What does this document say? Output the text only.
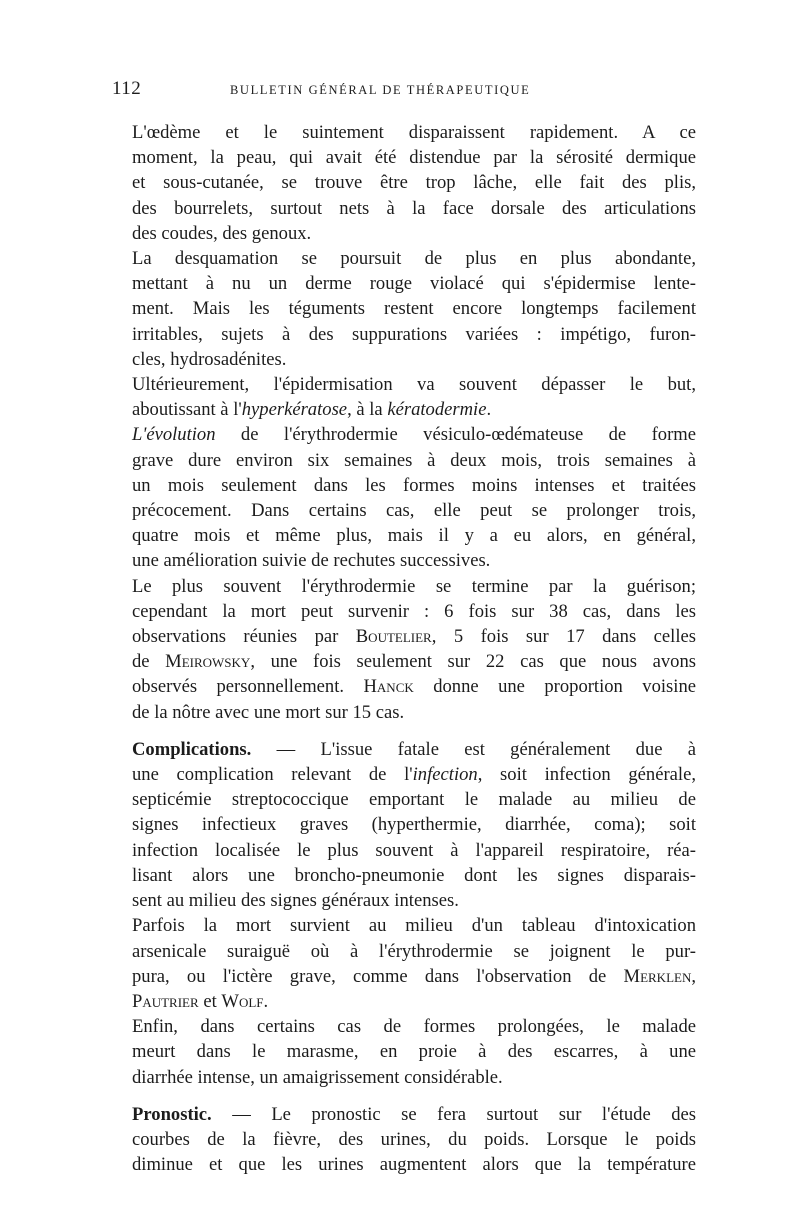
112	BULLETIN GÉNÉRAL DE THÉRAPEUTIQUE
L'œdème et le suintement disparaissent rapidement. A ce
moment, la peau, qui avait été distendue par la sérosité dermique
et sous-cutanée, se trouve être trop lâche, elle fait des plis,
des bourrelets, surtout nets à la face dorsale des articulations
des coudes, des genoux.
La desquamation se poursuit de plus en plus abondante,
mettant à nu un derme rouge violacé qui s'épidermise lente-
ment. Mais les téguments restent encore longtemps facilement
irritables, sujets à des suppurations variées : impétigo, furon-
cles, hydrosadénites.
Ultérieurement, l'épidermisation va souvent dépasser le but,
aboutissant à l'hyperkératose, à la kératodermie.
L'évolution de l'érythrodermie vésiculo-œdémateuse de forme
grave dure environ six semaines à deux mois, trois semaines à
un mois seulement dans les formes moins intenses et traitées
précocement. Dans certains cas, elle peut se prolonger trois,
quatre mois et même plus, mais il y a eu alors, en général,
une amélioration suivie de rechutes successives.
Le plus souvent l'érythrodermie se termine par la guérison;
cependant la mort peut survenir : 6 fois sur 38 cas, dans les
observations réunies par Boutelier, 5 fois sur 17 dans celles
de Meirowsky, une fois seulement sur 22 cas que nous avons
observés personnellement. Hanck donne une proportion voisine
de la nôtre avec une mort sur 15 cas.
Complications. — L'issue fatale est généralement due à
une complication relevant de l'infection, soit infection générale,
septicémie streptococcique emportant le malade au milieu de
signes infectieux graves (hyperthermie, diarrhée, coma); soit
infection localisée le plus souvent à l'appareil respiratoire, réa-
lisant alors une broncho-pneumonie dont les signes disparais-
sent au milieu des signes généraux intenses.
Parfois la mort survient au milieu d'un tableau d'intoxication
arsenicale suraiguë où à l'érythrodermie se joignent le pur-
pura, ou l'ictère grave, comme dans l'observation de Merklen,
Pautrier et Wolf.
Enfin, dans certains cas de formes prolongées, le malade
meurt dans le marasme, en proie à des escarres, à une
diarrhée intense, un amaigrissement considérable.
Pronostic. — Le pronostic se fera surtout sur l'étude des
courbes de la fièvre, des urines, du poids. Lorsque le poids
diminue et que les urines augmentent alors que la température
